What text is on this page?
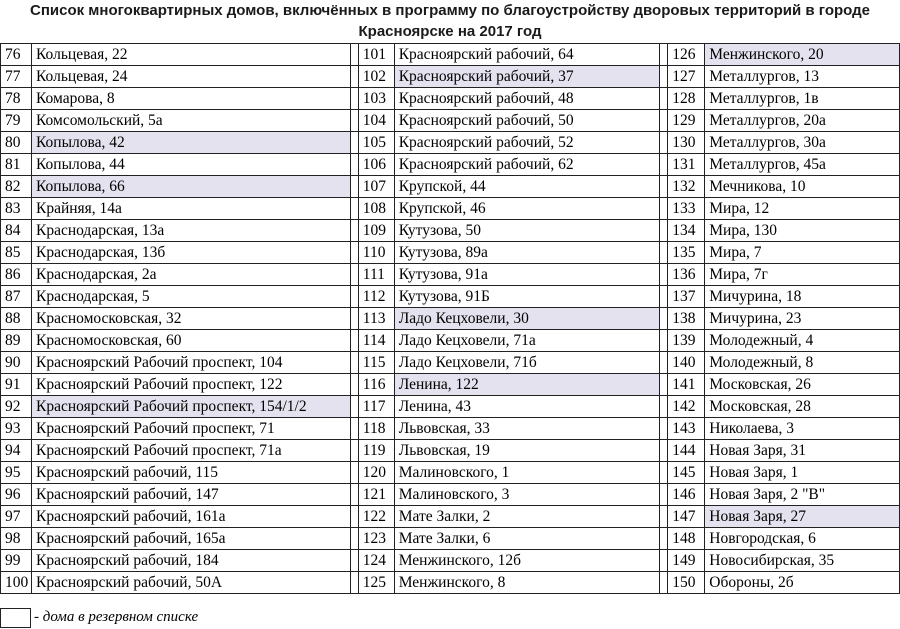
Список многоквартирных домов, включённых в программу по благоустройству дворовых территорий в городе
Красноярске на 2017 год
76	Кольцевая, 22		101	Красноярский рабочий, 64		126	Менжинского, 20
77	Кольцевая, 24		102	Красноярский рабочий, 37		127	Металлургов, 13
78	Комарова, 8		103	Красноярский рабочий, 48		128	Металлургов, 1в
79	Комсомольский, 5а		104	Красноярский рабочий, 50		129	Металлургов, 20а
80	Копылова, 42		105	Красноярский рабочий, 52		130	Металлургов, 30а
81	Копылова, 44		106	Красноярский рабочий, 62		131	Металлургов, 45а
82	Копылова, 66		107	Крупской, 44		132	Мечникова, 10
83	Крайняя, 14а		108	Крупской, 46		133	Мира, 12
84	Краснодарская, 13а		109	Кутузова, 50		134	Мира, 130
85	Краснодарская, 13б		110	Кутузова, 89а		135	Мира, 7
86	Краснодарская, 2а		111	Кутузова, 91а		136	Мира, 7г
87	Краснодарская, 5		112	Кутузова, 91Б		137	Мичурина, 18
88	Красномосковская, 32		113	Ладо Кецховели, 30		138	Мичурина, 23
89	Красномосковская, 60		114	Ладо Кецховели, 71а		139	Молодежный, 4
90	Красноярский Рабочий проспект, 104		115	Ладо Кецховели, 71б		140	Молодежный, 8
91	Красноярский Рабочий проспект, 122		116	Ленина, 122		141	Московская, 26
92	Красноярский Рабочий проспект, 154/1/2		117	Ленина, 43		142	Московская, 28
93	Красноярский Рабочий проспект, 71		118	Львовская, 33		143	Николаева, 3
94	Красноярский Рабочий проспект, 71а		119	Львовская, 19		144	Новая Заря, 31
95	Красноярский рабочий, 115		120	Малиновского, 1		145	Новая Заря, 1
96	Красноярский рабочий, 147		121	Малиновского, 3		146	Новая Заря, 2 "В"
97	Красноярский рабочий, 161а		122	Мате Залки, 2		147	Новая Заря, 27
98	Красноярский рабочий, 165а		123	Мате Залки, 6		148	Новгородская, 6
99	Красноярский рабочий, 184		124	Менжинского, 12б		149	Новосибирская, 35
100	Красноярский рабочий, 50А		125	Менжинского, 8		150	Обороны, 2б
- дома в резервном списке
